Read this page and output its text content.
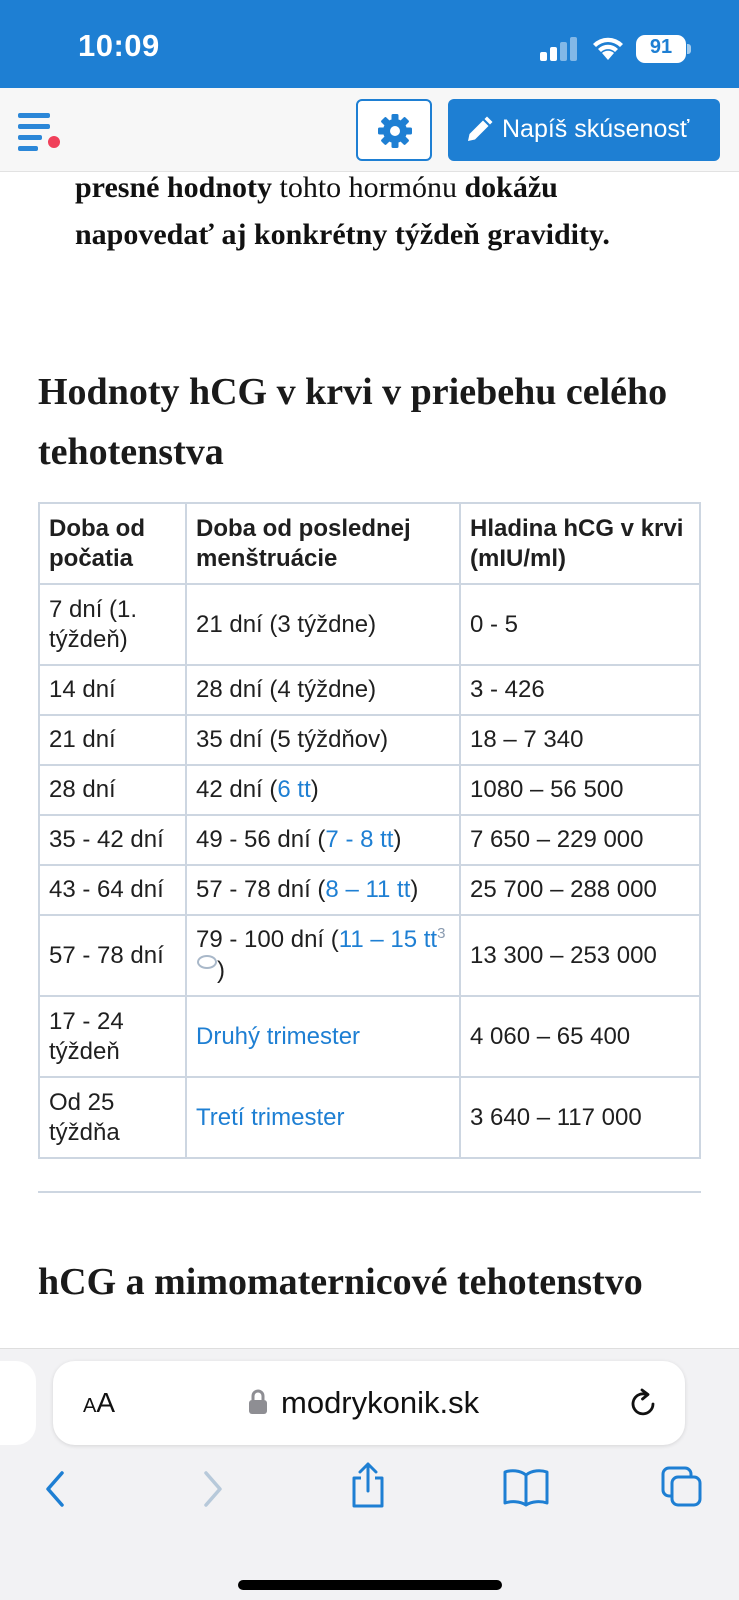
10:09	91
Napíš skúsenosť

presné hodnoty tohto hormónu dokážu napovedať aj konkrétny týždeň gravidity.

Hodnoty hCG v krvi v priebehu celého tehotenstva
Doba od počatia	Doba od poslednej menštruácie	Hladina hCG v krvi (mIU/ml)
7 dní (1. týždeň)	21 dní (3 týždne)	0 - 5
14 dní	28 dní (4 týždne)	3 - 426
21 dní	35 dní (5 týždňov)	18 – 7 340
28 dní	42 dní (6 tt)	1080 – 56 500
35 - 42 dní	49 - 56 dní (7 - 8 tt)	7 650 – 229 000
43 - 64 dní	57 - 78 dní (8 – 11 tt)	25 700 – 288 000
57 - 78 dní	79 - 100 dní (11 – 15 $tt^3$)	13 300 – 253 000
17 - 24 týždeň	Druhý trimester	4 060 – 65 400
Od 25 týždňa	Tretí trimester	3 640 – 117 000
hCG a mimomaternicové tehotenstvo
AA	modrykonik.sk
